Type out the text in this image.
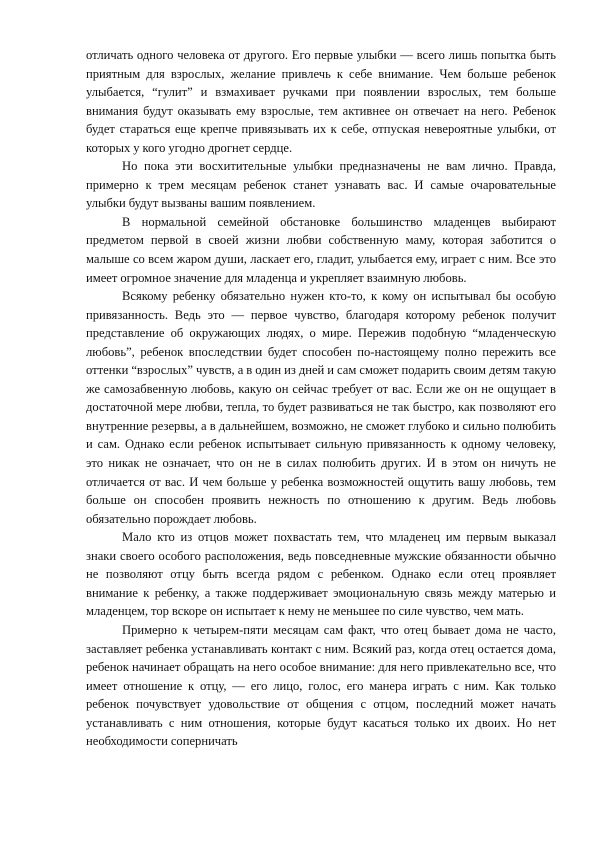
отличать одного человека от другого. Его первые улыбки — всего лишь попытка быть приятным для взрослых, желание привлечь к себе внимание. Чем больше ребенок улыбается, “гулит” и взмахивает ручками при появлении взрослых, тем больше внимания будут оказывать ему взрослые, тем активнее он отвечает на него. Ребенок будет стараться еще крепче привязывать их к себе, отпуская невероятные улыбки, от которых у кого угодно дрогнет сердце.

Но пока эти восхитительные улыбки предназначены не вам лично. Правда, примерно к трем месяцам ребенок станет узнавать вас. И самые очаровательные улыбки будут вызваны вашим появлением.

В нормальной семейной обстановке большинство младенцев выбирают предметом первой в своей жизни любви собственную маму, которая заботится о малыше со всем жаром души, ласкает его, гладит, улыбается ему, играет с ним. Все это имеет огромное значение для младенца и укрепляет взаимную любовь.

Всякому ребенку обязательно нужен кто-то, к кому он испытывал бы особую привязанность. Ведь это — первое чувство, благодаря которому ребенок получит представление об окружающих людях, о мире. Пережив подобную “младенческую любовь”, ребенок впоследствии будет способен по-настоящему полно пережить все оттенки “взрослых” чувств, а в один из дней и сам сможет подарить своим детям такую же самозабвенную любовь, какую он сейчас требует от вас. Если же он не ощущает в достаточной мере любви, тепла, то будет развиваться не так быстро, как позволяют его внутренние резервы, а в дальнейшем, возможно, не сможет глубоко и сильно полюбить и сам. Однако если ребенок испытывает сильную привязанность к одному человеку, это никак не означает, что он не в силах полюбить других. И в этом он ничуть не отличается от вас. И чем больше у ребенка возможностей ощутить вашу любовь, тем больше он способен проявить нежность по отношению к другим. Ведь любовь обязательно порождает любовь.

Мало кто из отцов может похвастать тем, что младенец им первым выказал знаки своего особого расположения, ведь повседневные мужские обязанности обычно не позволяют отцу быть всегда рядом с ребенком. Однако если отец проявляет внимание к ребенку, а также поддерживает эмоциональную связь между матерью и младенцем, тор вскоре он испытает к нему не меньшее по силе чувство, чем мать.

Примерно к четырем-пяти месяцам сам факт, что отец бывает дома не часто, заставляет ребенка устанавливать контакт с ним. Всякий раз, когда отец остается дома, ребенок начинает обращать на него особое внимание: для него привлекательно все, что имеет отношение к отцу, — его лицо, голос, его манера играть с ним. Как только ребенок почувствует удовольствие от общения с отцом, последний может начать устанавливать с ним отношения, которые будут касаться только их двоих. Но нет необходимости соперничать
